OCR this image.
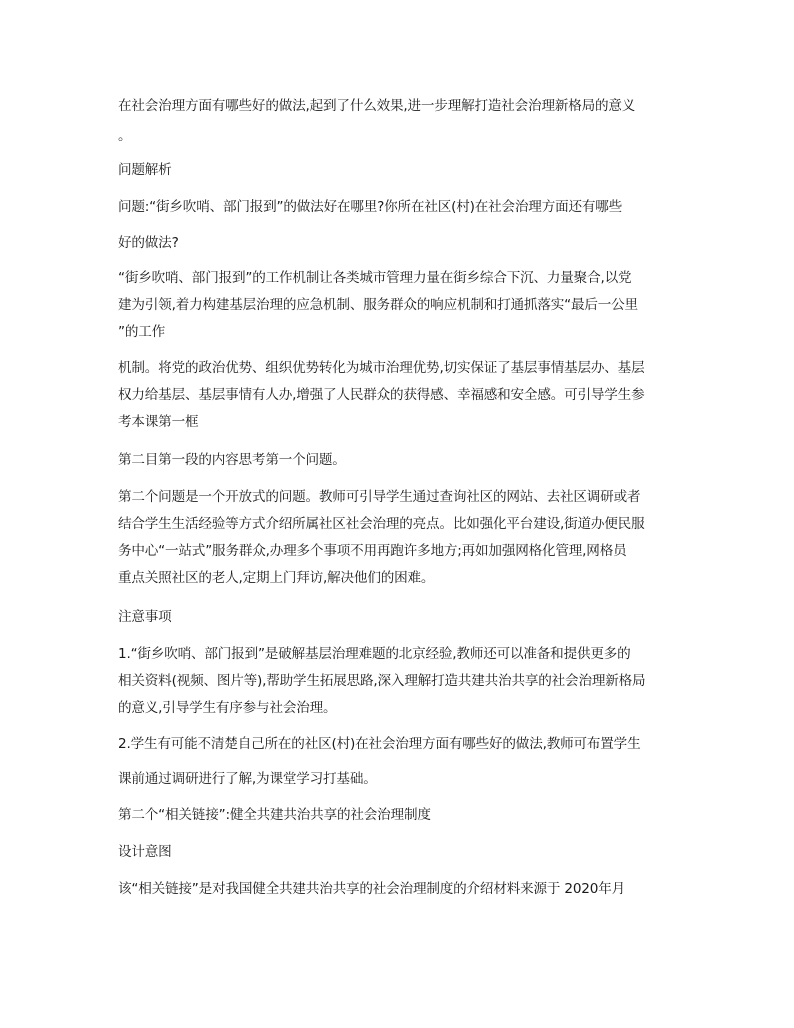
在社会治理方面有哪些好的做法,起到了什么效果,进一步理解打造社会治理新格局的意义
。
问题解析
问题:“街乡吹哨、部门报到”的做法好在哪里?你所在社区(村)在社会治理方面还有哪些
好的做法?
“街乡吹哨、部门报到”的工作机制让各类城市管理力量在街乡综合下沉、力量聚合,以党
建为引领,着力构建基层治理的应急机制、服务群众的响应机制和打通抓落实“最后一公里
”的工作
机制。将党的政治优势、组织优势转化为城市治理优势,切实保证了基层事情基层办、基层
权力给基层、基层事情有人办,增强了人民群众的获得感、幸福感和安全感。可引导学生参
考本课第一框
第二目第一段的内容思考第一个问题。
第二个问题是一个开放式的问题。教师可引导学生通过查询社区的网站、去社区调研或者
结合学生生活经验等方式介绍所属社区社会治理的亮点。比如强化平台建设,街道办便民服
务中心“一站式”服务群众,办理多个事项不用再跑许多地方;再如加强网格化管理,网格员
重点关照社区的老人,定期上门拜访,解决他们的困难。
注意事项
1.“街乡吹哨、部门报到”是破解基层治理难题的北京经验,教师还可以准备和提供更多的
相关资料(视频、图片等),帮助学生拓展思路,深入理解打造共建共治共享的社会治理新格局
的意义,引导学生有序参与社会治理。
2.学生有可能不清楚自己所在的社区(村)在社会治理方面有哪些好的做法,教师可布置学生
课前通过调研进行了解,为课堂学习打基础。
第二个“相关链接”:健全共建共治共享的社会治理制度
设计意图
该“相关链接”是对我国健全共建共治共享的社会治理制度的介绍材料来源于 2020年月
